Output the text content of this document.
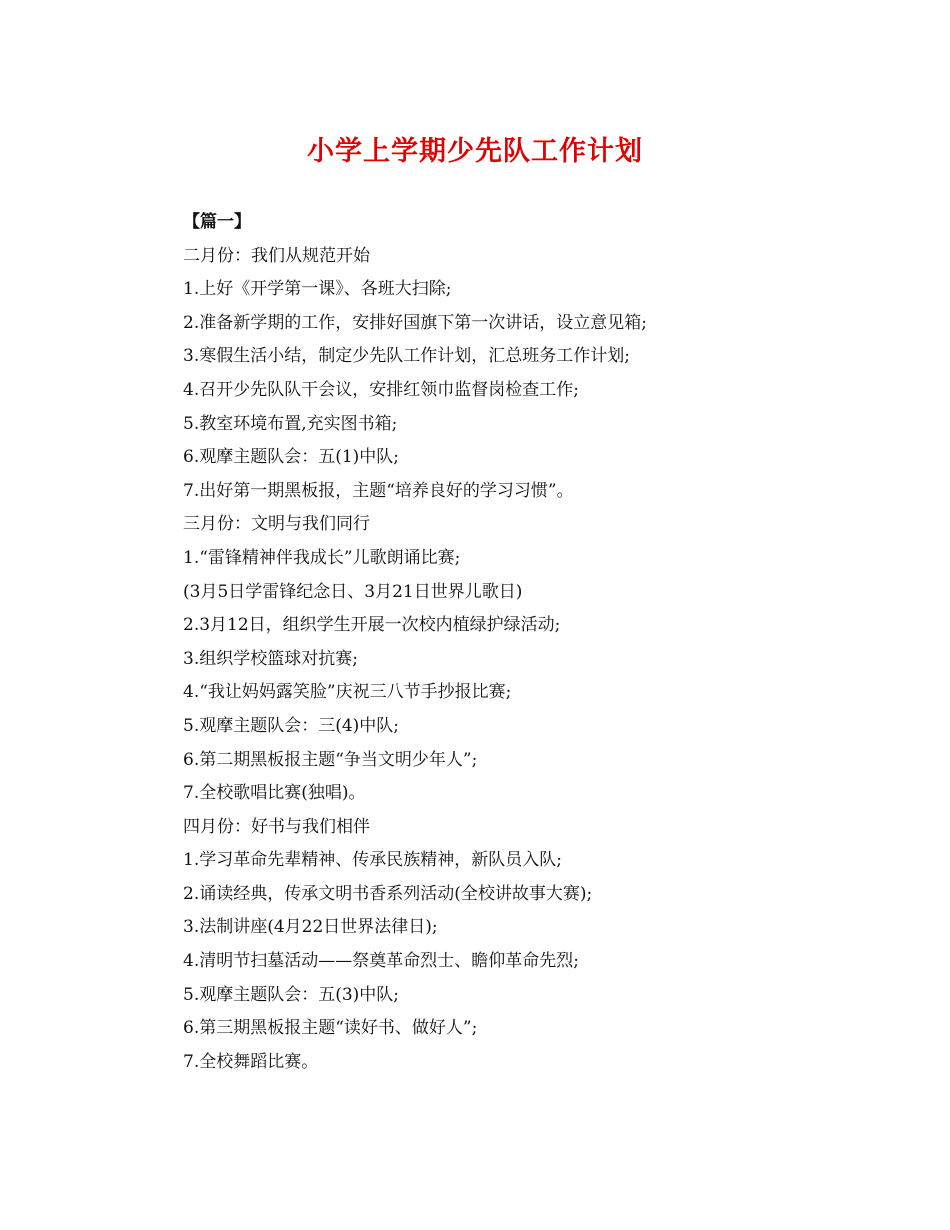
小学上学期少先队工作计划
【篇一】
二月份：我们从规范开始
1.上好《开学第一课》、各班大扫除;
2.准备新学期的工作，安排好国旗下第一次讲话，设立意见箱;
3.寒假生活小结，制定少先队工作计划，汇总班务工作计划;
4.召开少先队队干会议，安排红领巾监督岗检查工作;
5.教室环境布置,充实图书箱;
6.观摩主题队会：五(1)中队;
7.出好第一期黑板报，主题“培养良好的学习习惯”。
三月份：文明与我们同行
1.“雷锋精神伴我成长”儿歌朗诵比赛;
(3月5日学雷锋纪念日、3月21日世界儿歌日)
2.3月12日，组织学生开展一次校内植绿护绿活动;
3.组织学校篮球对抗赛;
4.“我让妈妈露笑脸”庆祝三八节手抄报比赛;
5.观摩主题队会：三(4)中队;
6.第二期黑板报主题“争当文明少年人”;
7.全校歌唱比赛(独唱)。
四月份：好书与我们相伴
1.学习革命先辈精神、传承民族精神，新队员入队;
2.诵读经典，传承文明书香系列活动(全校讲故事大赛);
3.法制讲座(4月22日世界法律日);
4.清明节扫墓活动——祭奠革命烈士、瞻仰革命先烈;
5.观摩主题队会：五(3)中队;
6.第三期黑板报主题“读好书、做好人”;
7.全校舞蹈比赛。
